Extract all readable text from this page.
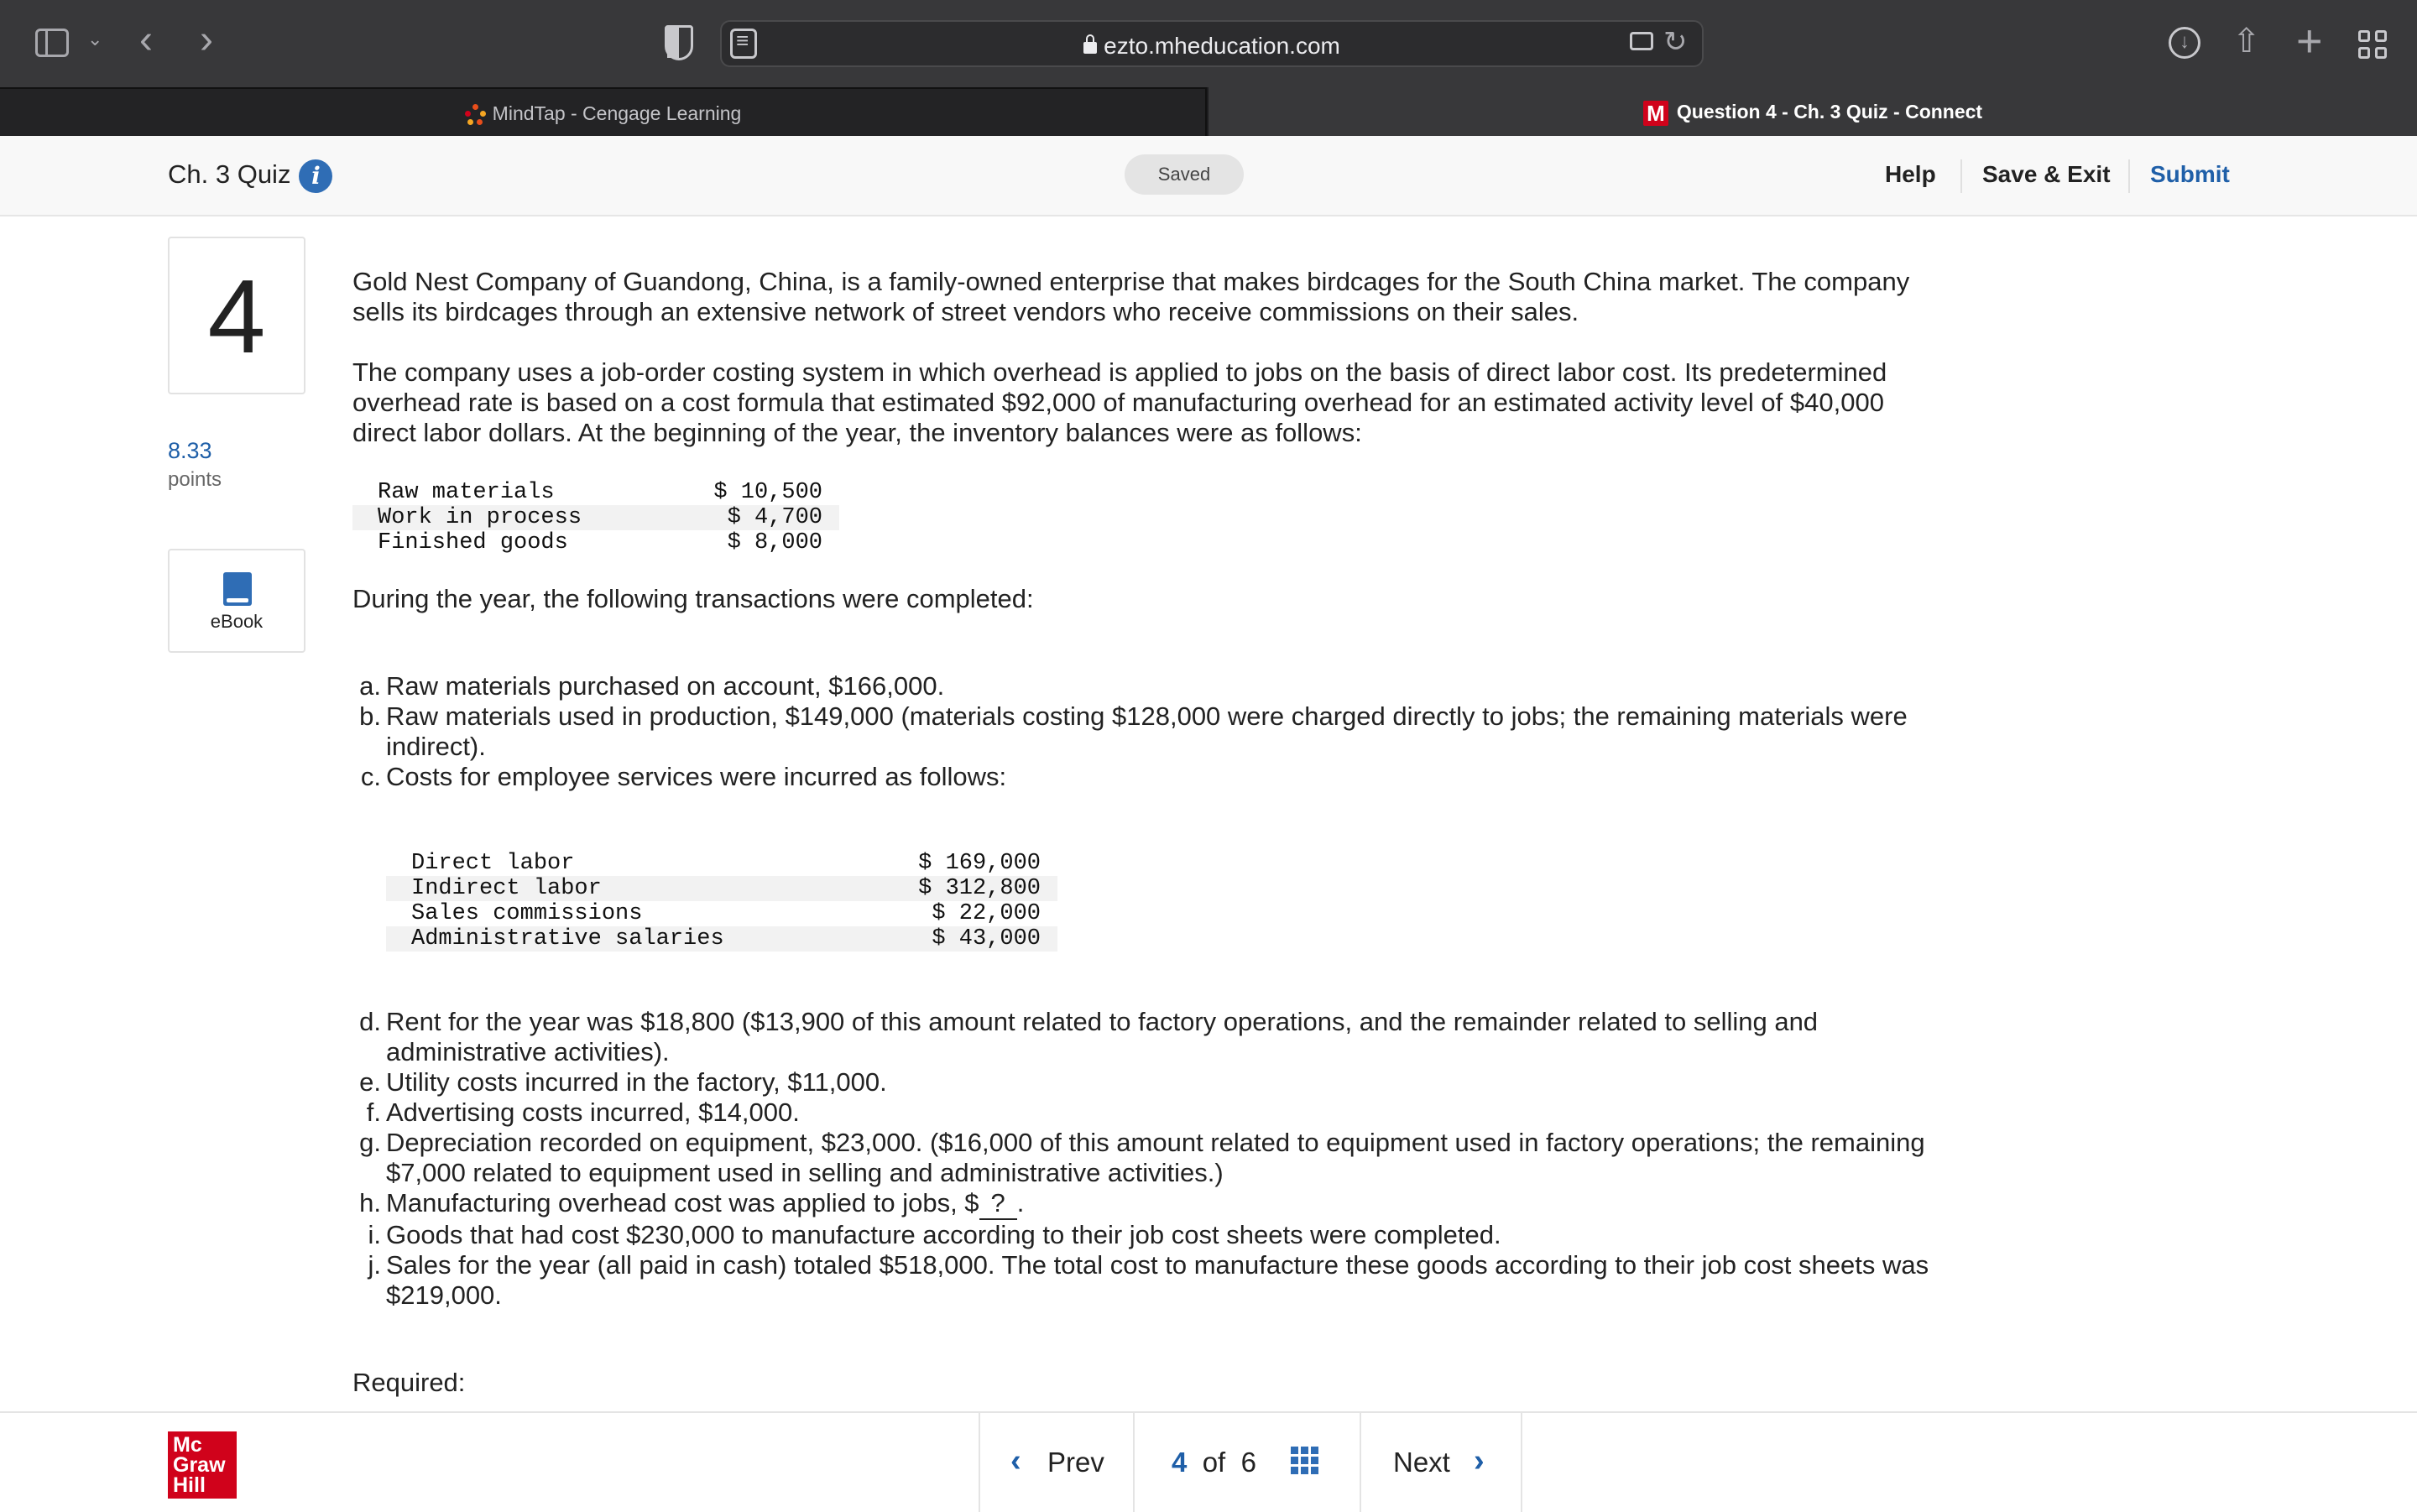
⌄ ‹ ›	ezto.mheducation.com
≡	↻	↓	⇧ +
MindTap - Cengage Learning	M Question 4 - Ch. 3 Quiz - Connect
Ch. 3 Quiz i	Saved	Help Save & Exit Submit
4
8.33
points
eBook
Gold Nest Company of Guandong, China, is a family-owned enterprise that makes birdcages for the South China market. The company sells its birdcages through an extensive network of street vendors who receive commissions on their sales.
The company uses a job-order costing system in which overhead is applied to jobs on the basis of direct labor cost. Its predetermined overhead rate is based on a cost formula that estimated $92,000 of manufacturing overhead for an estimated activity level of $40,000 direct labor dollars. At the beginning of the year, the inventory balances were as follows:
Raw materials	$ 10,500
Work in process	$ 4,700
Finished goods	$ 8,000
During the year, the following transactions were completed:
a. Raw materials purchased on account, $166,000.
b. Raw materials used in production, $149,000 (materials costing $128,000 were charged directly to jobs; the remaining materials were indirect).
c. Costs for employee services were incurred as follows:
Direct labor	$ 169,000
Indirect labor	$ 312,800
Sales commissions	$ 22,000
Administrative salaries	$ 43,000
d. Rent for the year was $18,800 ($13,900 of this amount related to factory operations, and the remainder related to selling and administrative activities).
e. Utility costs incurred in the factory, $11,000.
f. Advertising costs incurred, $14,000.
g. Depreciation recorded on equipment, $23,000. ($16,000 of this amount related to equipment used in factory operations; the remaining $7,000 related to equipment used in selling and administrative activities.)
h. Manufacturing overhead cost was applied to jobs, $ ? .
i. Goods that had cost $230,000 to manufacture according to their job cost sheets were completed.
j. Sales for the year (all paid in cash) totaled $518,000. The total cost to manufacture these goods according to their job cost sheets was $219,000.
Required:
Mc Graw Hill
‹ Prev 4 of 6	Next ›
